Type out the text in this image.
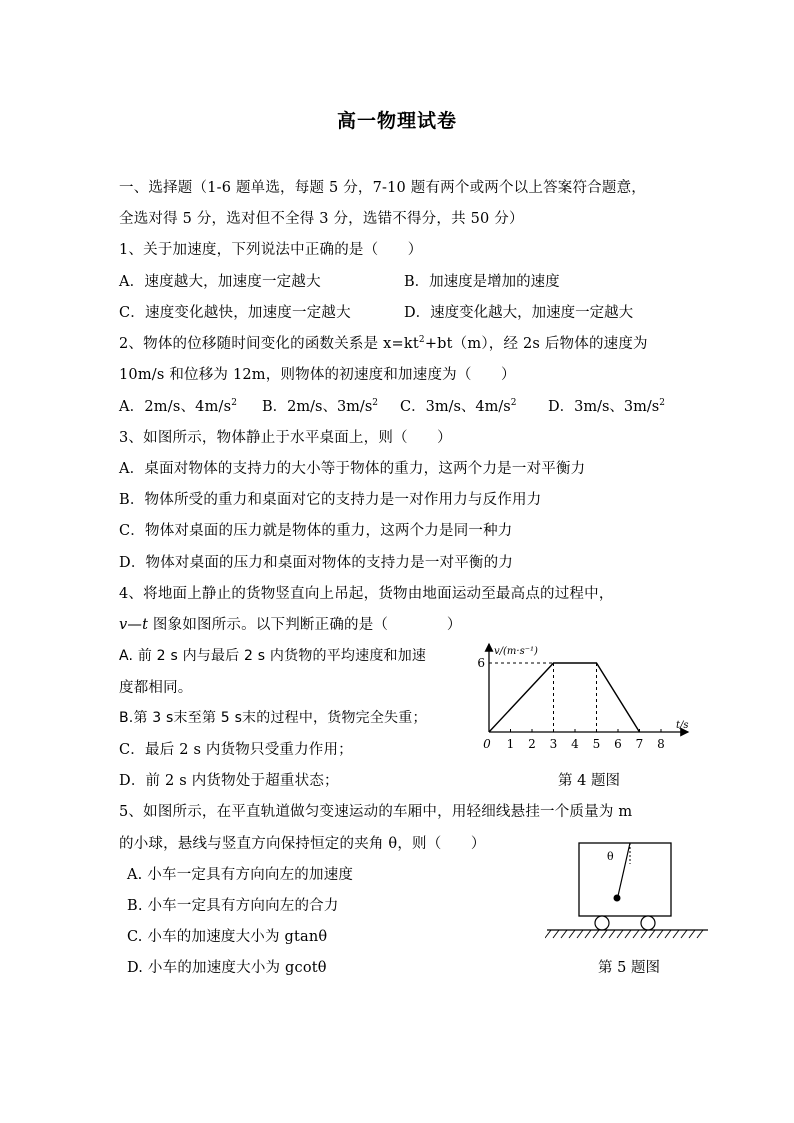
高一物理试卷
一、选择题（1-6 题单选，每题 5 分，7-10 题有两个或两个以上答案符合题意，
全选对得 5 分，选对但不全得 3 分，选错不得分，共 50 分）
1、关于加速度，下列说法中正确的是（　　）
A．速度越大，加速度一定越大	B．加速度是增加的速度
C．速度变化越快，加速度一定越大	D．速度变化越大，加速度一定越大
2、物体的位移随时间变化的函数关系是 $x=kt^2+bt(m)$，经 2s 后物体的速度为
10m/s 和位移为 12m，则物体的初速度和加速度为（　　）
A．2m/s、$4m/s^2$ B．2m/s、$3m/s^2$ C．3m/s、$4m/s^2$ D．3m/s、$3m/s^2$
3、如图所示，物体静止于水平桌面上，则（　　）
A．桌面对物体的支持力的大小等于物体的重力，这两个力是一对平衡力
B．物体所受的重力和桌面对它的支持力是一对作用力与反作用力
C．物体对桌面的压力就是物体的重力，这两个力是同一种力
D．物体对桌面的压力和桌面对物体的支持力是一对平衡的力
4、将地面上静止的货物竖直向上吊起，货物由地面运动至最高点的过程中，
v—t 图象如图所示。以下判断正确的是（　　　　）
A. 前 2 s 内与最后 2 s 内货物的平均速度和加速
度都相同。
B.第 3 s末至第 5 s末的过程中，货物完全失重；
C．最后 2 s 内货物只受重力作用；
D．前 2 s 内货物处于超重状态；	第 4 题图
0 1 2 3 4 5 6 7 8
6
v/(m·s⁻¹)
t/s
5、如图所示，在平直轨道做匀变速运动的车厢中，用轻细线悬挂一个质量为 m
的小球，悬线与竖直方向保持恒定的夹角 θ，则（　　）
A. 小车一定具有方向向左的加速度
B. 小车一定具有方向向左的合力
C. 小车的加速度大小为 gtanθ
D. 小车的加速度大小为 gcotθ	第 5 题图
θ
